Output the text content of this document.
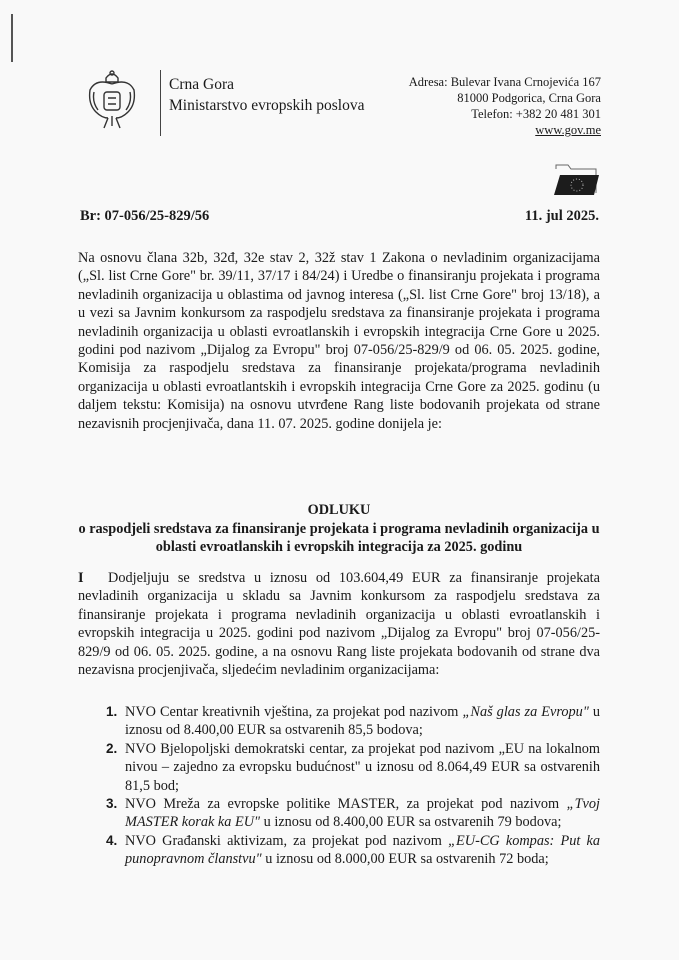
Crna Gora
Ministarstvo evropskih poslova
Adresa: Bulevar Ivana Crnojevića 167
81000 Podgorica, Crna Gora
Telefon: +382 20 481 301
www.gov.me
Br: 07-056/25-829/56	11. jul 2025.
Na osnovu člana 32b, 32đ, 32e stav 2, 32ž stav 1 Zakona o nevladinim organizacijama („Sl. list Crne Gore" br. 39/11, 37/17 i 84/24) i Uredbe o finansiranju projekata i programa nevladinih organizacija u oblastima od javnog interesa („Sl. list Crne Gore" broj 13/18), a u vezi sa Javnim konkursom za raspodjelu sredstava za finansiranje projekata i programa nevladinih organizacija u oblasti evroatlanskih i evropskih integracija Crne Gore u 2025. godini pod nazivom „Dijalog za Evropu" broj 07-056/25-829/9 od 06. 05. 2025. godine, Komisija za raspodjelu sredstava za finansiranje projekata/programa nevladinih organizacija u oblasti evroatlantskih i evropskih integracija Crne Gore za 2025. godinu (u daljem tekstu: Komisija) na osnovu utvrđene Rang liste bodovanih projekata od strane nezavisnih procjenjivača, dana 11. 07. 2025. godine donijela je:
ODLUKU
o raspodjeli sredstava za finansiranje projekata i programa nevladinih organizacija u oblasti evroatlanskih i evropskih integracija za 2025. godinu
I Dodjeljuju se sredstva u iznosu od 103.604,49 EUR za finansiranje projekata nevladinih organizacija u skladu sa Javnim konkursom za raspodjelu sredstava za finansiranje projekata i programa nevladinih organizacija u oblasti evroatlanskih i evropskih integracija u 2025. godini pod nazivom „Dijalog za Evropu" broj 07-056/25-829/9 od 06. 05. 2025. godine, a na osnovu Rang liste projekata bodovanih od strane dva nezavisna procjenjivača, sljedećim nevladinim organizacijama:
1. NVO Centar kreativnih vještina, za projekat pod nazivom „Naš glas za Evropu" u iznosu od 8.400,00 EUR sa ostvarenih 85,5 bodova;
2. NVO Bjelopoljski demokratski centar, za projekat pod nazivom „EU na lokalnom nivou – zajedno za evropsku budućnost" u iznosu od 8.064,49 EUR sa ostvarenih 81,5 bod;
3. NVO Mreža za evropske politike MASTER, za projekat pod nazivom „Tvoj MASTER korak ka EU" u iznosu od 8.400,00 EUR sa ostvarenih 79 bodova;
4. NVO Građanski aktivizam, za projekat pod nazivom „EU-CG kompas: Put ka punopravnom članstvu" u iznosu od 8.000,00 EUR sa ostvarenih 72 boda;
